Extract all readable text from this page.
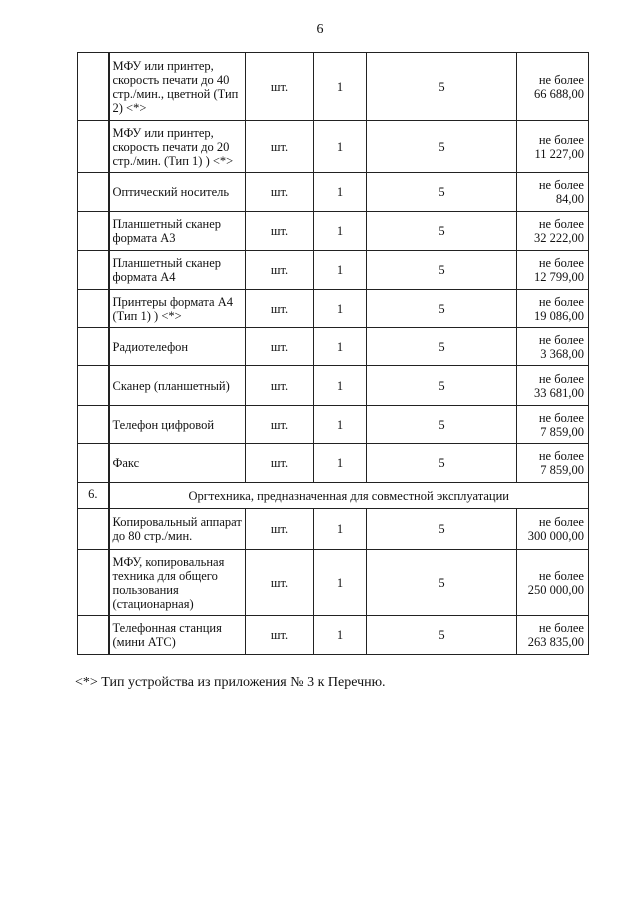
6
	МФУ или принтер, скорость печати до 40 стр./мин., цветной (Тип 2) <*>	шт.	1	5	не более
66 688,00

	МФУ или принтер, скорость печати до 20 стр./мин. (Тип 1) ) <*>	шт.	1	5	не более
11 227,00

	Оптический носитель	шт.	1	5	не более
84,00

	Планшетный сканер формата А3	шт.	1	5	не более
32 222,00

	Планшетный сканер формата А4	шт.	1	5	не более
12 799,00

	Принтеры формата А4 (Тип 1) ) <*>	шт.	1	5	не более
19 086,00

	Радиотелефон	шт.	1	5	не более
3 368,00

	Сканер (планшетный)	шт.	1	5	не более
33 681,00

	Телефон цифровой	шт.	1	5	не более
7 859,00

	Факс	шт.	1	5	не более
7 859,00

6.	Оргтехника, предназначенная для совместной эксплуатации				
	Копировальный аппарат до 80 стр./мин.	шт.	1	5	не более
300 000,00

	МФУ, копировальная техника для общего пользования (стационарная)	шт.	1	5	не более
250 000,00

	Телефонная станция (мини АТС)	шт.	1	5	не более
263 835,00
<*> Тип устройства из приложения № 3 к Перечню.
